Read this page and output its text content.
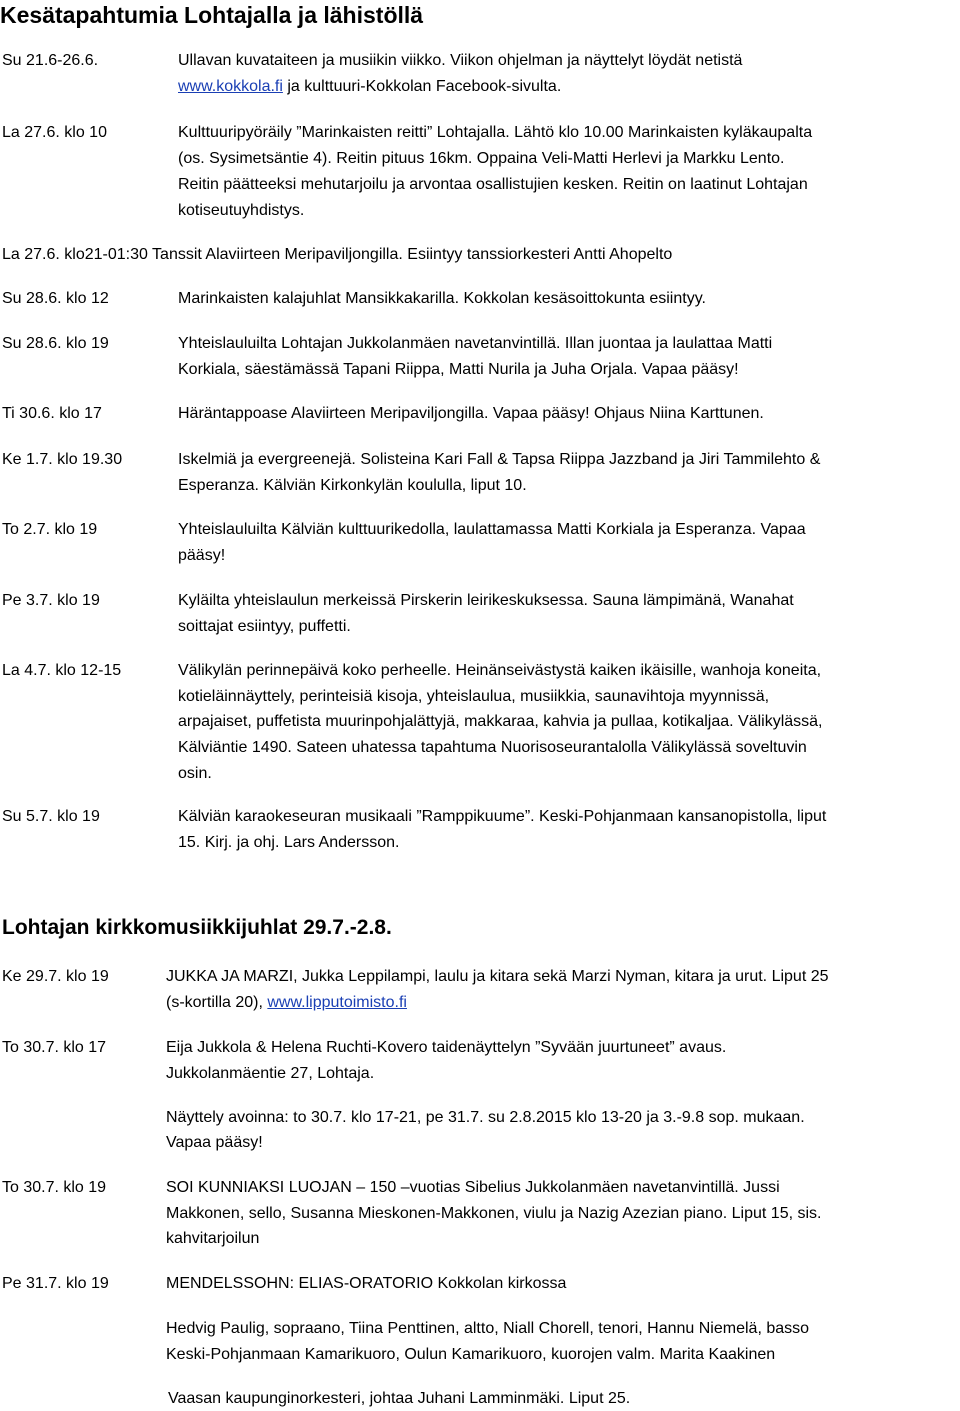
Kesätapahtumia Lohtajalla ja lähistöllä
Su 21.6-26.6.	Ullavan kuvataiteen ja musiikin viikko. Viikon ohjelman ja näyttelyt löydät netistä
www.kokkola.fi ja kulttuuri-Kokkolan Facebook-sivulta.
La 27.6. klo 10	Kulttuuripyöräily ”Marinkaisten reitti” Lohtajalla. Lähtö klo 10.00 Marinkaisten kyläkaupalta
(os. Sysimetsäntie 4). Reitin pituus 16km. Oppaina Veli-Matti Herlevi ja Markku Lento.
Reitin päätteeksi mehutarjoilu ja arvontaa osallistujien kesken. Reitin on laatinut Lohtajan
kotiseutuyhdistys.
La 27.6. klo21-01:30 Tanssit Alaviirteen Meripaviljongilla. Esiintyy tanssiorkesteri Antti Ahopelto
Su 28.6. klo 12	Marinkaisten kalajuhlat Mansikkakarilla. Kokkolan kesäsoittokunta esiintyy.
Su 28.6. klo 19	Yhteislauluilta Lohtajan Jukkolanmäen navetanvintillä. Illan juontaa ja laulattaa Matti
Korkiala, säestämässä Tapani Riippa, Matti Nurila ja Juha Orjala. Vapaa pääsy!
Ti 30.6. klo 17	Häräntappoase Alaviirteen Meripaviljongilla. Vapaa pääsy! Ohjaus Niina Karttunen.
Ke 1.7. klo 19.30	Iskelmiä ja evergreenejä. Solisteina Kari Fall & Tapsa Riippa Jazzband ja Jiri Tammilehto &
Esperanza. Kälviän Kirkonkylän koululla, liput 10.
To 2.7. klo 19	Yhteislauluilta Kälviän kulttuurikedolla, laulattamassa Matti Korkiala ja Esperanza. Vapaa
pääsy!
Pe 3.7. klo 19	Kyläilta yhteislaulun merkeissä Pirskerin leirikeskuksessa. Sauna lämpimänä, Wanahat
soittajat esiintyy, puffetti.
La 4.7. klo 12-15	Välikylän perinnepäivä koko perheelle. Heinänseivästystä kaiken ikäisille, wanhoja koneita,
kotieläinnäyttely, perinteisiä kisoja, yhteislaulua, musiikkia, saunavihtoja myynnissä,
arpajaiset, puffetista muurinpohjalättyjä, makkaraa, kahvia ja pullaa, kotikaljaa. Välikylässä,
Kälviäntie 1490. Sateen uhatessa tapahtuma Nuorisoseurantalolla Välikylässä soveltuvin
osin.
Su 5.7. klo 19	Kälviän karaokeseuran musikaali ”Ramppikuume”. Keski-Pohjanmaan kansanopistolla, liput
15. Kirj. ja ohj. Lars Andersson.
Lohtajan kirkkomusiikkijuhlat 29.7.-2.8.
Ke 29.7. klo 19	JUKKA JA MARZI, Jukka Leppilampi, laulu ja kitara sekä Marzi Nyman, kitara ja urut. Liput 25
(s-kortilla 20), www.lipputoimisto.fi
To 30.7. klo 17	Eija Jukkola & Helena Ruchti-Kovero taidenäyttelyn ”Syvään juurtuneet” avaus.
Jukkolanmäentie 27, Lohtaja.
Näyttely avoinna: to 30.7. klo 17-21, pe 31.7. su 2.8.2015 klo 13-20 ja 3.-9.8 sop. mukaan.
Vapaa pääsy!
To 30.7. klo 19	SOI KUNNIAKSI LUOJAN – 150 –vuotias Sibelius Jukkolanmäen navetanvintillä. Jussi
Makkonen, sello, Susanna Mieskonen-Makkonen, viulu ja Nazig Azezian piano. Liput 15, sis.
kahvitarjoilun
Pe 31.7. klo 19	MENDELSSOHN: ELIAS-ORATORIO Kokkolan kirkossa
Hedvig Paulig, sopraano, Tiina Penttinen, altto, Niall Chorell, tenori, Hannu Niemelä, basso
Keski-Pohjanmaan Kamarikuoro, Oulun Kamarikuoro, kuorojen valm. Marita Kaakinen
Vaasan kaupunginorkesteri, johtaa Juhani Lamminmäki. Liput 25.
